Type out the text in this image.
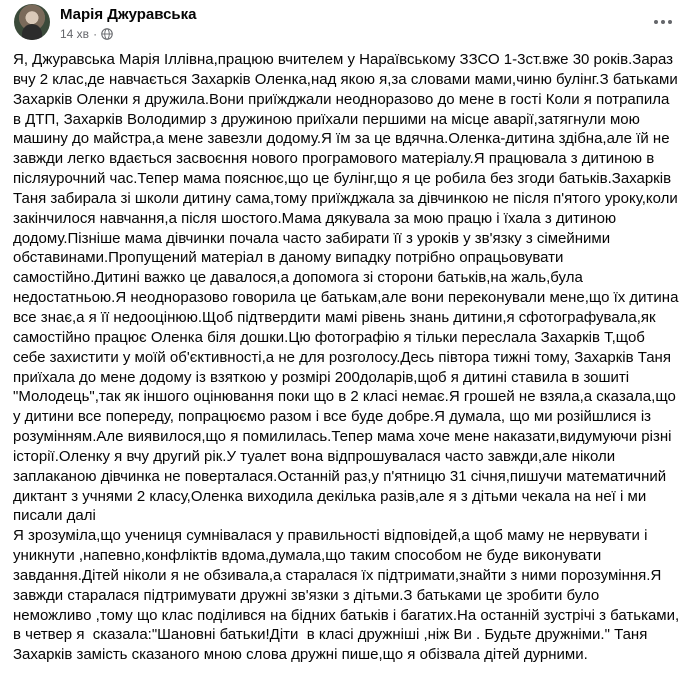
Марія Джуравська
14 хв ·

Я, Джуравська Марія Іллівна,працюю вчителем у Нараївському ЗЗСО 1-3ст.вже 30 років.Зараз вчу 2 клас,де навчається Захарків Оленка,над якою я,за словами мами,чиню булінг.З батьками Захарків Оленки я дружила.Вони приїжджали неодноразово до мене в гості Коли я потрапила в ДТП, Захарків Володимир з дружиною приїхали першими на місце аварії,затягнули мою машину до майстра,а мене завезли додому.Я їм за це вдячна.Оленка-дитина здібна,але їй не завжди легко вдається засвоєння нового програмового матеріалу.Я працювала з дитиною в післяурочний час.Тепер мама пояснює,що це булінг,що я це робила без згоди батьків.Захарків Таня забирала зі школи дитину сама,тому приїжджала за дівчинкою не після п'ятого уроку,коли закінчилося навчання,а після шостого.Мама дякувала за мою працю і їхала з дитиною додому.Пізніше мама дівчинки почала часто забирати її з уроків у зв'язку з сімейними обставинами.Пропущений матеріал в даному випадку потрібно опрацьовувати самостійно.Дитині важко це давалося,а допомога зі сторони батьків,на жаль,була недостатньою.Я неодноразово говорила це батькам,але вони переконували мене,що їх дитина все знає,а я її недооцінюю.Щоб підтвердити мамі рівень знань дитини,я сфотографувала,як самостійно працює Оленка біля дошки.Цю фотографію я тільки переслала Захарків Т,щоб себе захистити у моїй об'єктивності,а не для розголосу.Десь півтора тижні тому, Захарків Таня приїхала до мене додому із взяткою у розмірі 200доларів,щоб я дитині ставила в зошиті "Молодець",так як іншого оцінювання поки що в 2 класі немає.Я грошей не взяла,а сказала,що у дитини все попереду, попрацюємо разом і все буде добре.Я думала, що ми розійшлися із розумінням.Але виявилося,що я помилилась.Тепер мама хоче мене наказати,видумуючи різні історії.Оленку я вчу другий рік.У туалет вона відпрошувалася часто завжди,але ніколи заплаканою дівчинка не поверталася.Останній раз,у п'ятницю 31 січня,пишучи математичний диктант з учнями 2 класу,Оленка виходила декілька разів,але я з дітьми чекала на неї і ми писали далі

Я зрозуміла,що учениця сумнівалася у правильності відповідей,а щоб маму не нервувати і уникнути ,напевно,конфліктів вдома,думала,що таким способом не буде виконувати завдання.Дітей ніколи я не обзивала,а старалася їх підтримати,знайти з ними порозуміння.Я завжди старалася підтримувати дружні зв'язки з дітьми.З батьками це зробити було неможливо ,тому що клас поділився на бідних батьків і багатих.На останній зустрічі з батьками, в четвер я  сказала:"Шановні батьки!Діти  в класі дружніші ,ніж Ви . Будьте дружніми." Таня Захарків замість сказаного мною слова дружні пише,що я обізвала дітей дурними.
